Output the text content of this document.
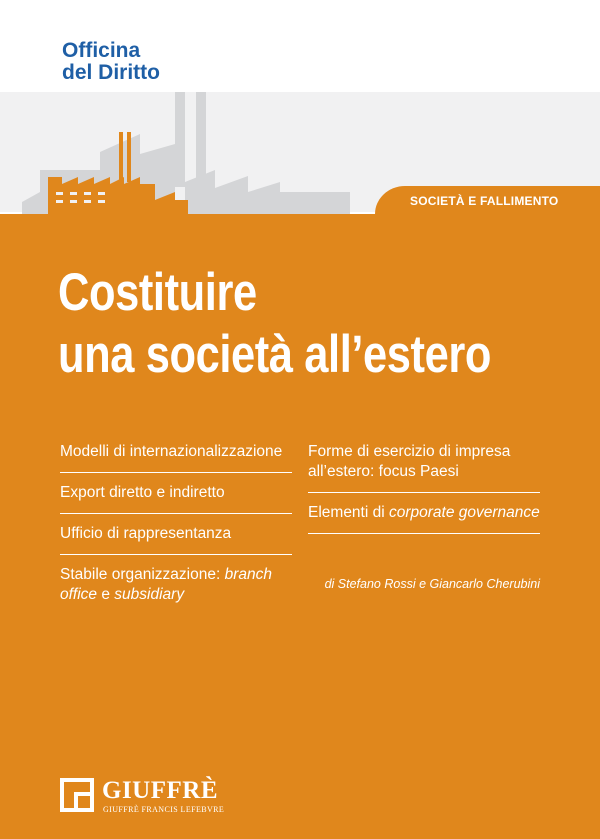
Officina
del Diritto
SOCIETÀ E FALLIMENTO
Costituire
una società all’estero
Modelli di internazionalizzazione
Export diretto e indiretto
Ufficio di rappresentanza
Stabile organizzazione: branch office e subsidiary
Forme di esercizio di impresa all’estero: focus Paesi
Elementi di corporate governance
di Stefano Rossi e Giancarlo Cherubini
GIUFFRÈ
GIUFFRÈ FRANCIS LEFEBVRE
